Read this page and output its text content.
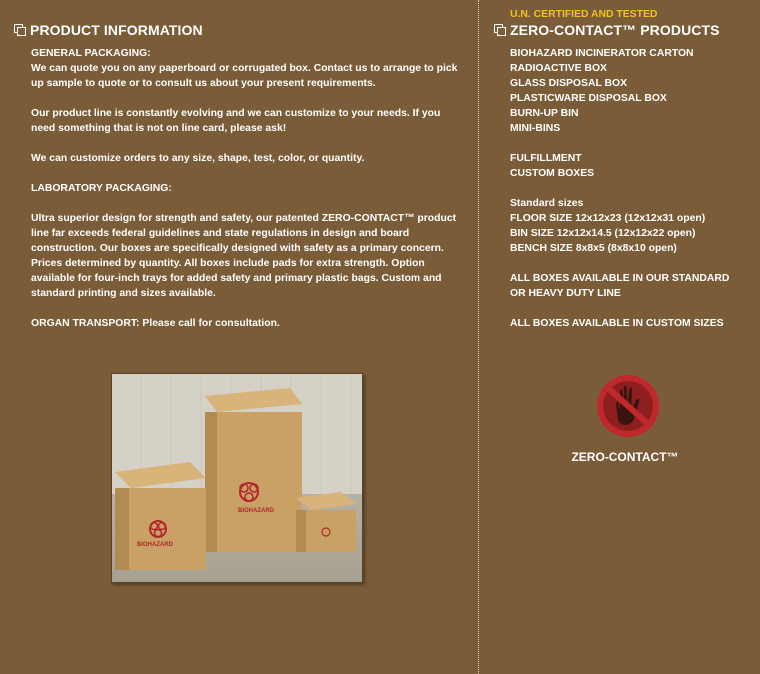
PRODUCT INFORMATION

GENERAL PACKAGING:

We can quote you on any paperboard or corrugated box. Contact us to arrange to pick up sample to quote or to consult us about your present requirements.

Our product line is constantly evolving and we can customize to your needs. If you need something that is not on line card, please ask!

We can customize orders to any size, shape, test, color, or quantity.

LABORATORY PACKAGING:

Ultra superior design for strength and safety, our patented ZERO-CONTACT™ product line far exceeds federal guidelines and state regulations in design and board construction. Our boxes are specifically designed with safety as a primary concern. Prices determined by quantity. All boxes include pads for extra strength. Option available for four-inch trays for added safety and primary plastic bags. Custom and standard printing and sizes available.

ORGAN TRANSPORT: Please call for consultation.

BIOHAZARD
BIOHAZARD
U.N. CERTIFIED AND TESTED
ZERO-CONTACT™ PRODUCTS
BIOHAZARD INCINERATOR CARTON
RADIOACTIVE BOX
GLASS DISPOSAL BOX
PLASTICWARE DISPOSAL BOX
BURN-UP BIN
MINI-BINS
FULFILLMENT
CUSTOM BOXES
Standard sizes
FLOOR SIZE 12x12x23 (12x12x31 open)
BIN SIZE 12x12x14.5 (12x12x22 open)
BENCH SIZE 8x8x5 (8x8x10 open)
ALL BOXES AVAILABLE IN OUR STANDARD
OR HEAVY DUTY LINE
ALL BOXES AVAILABLE IN CUSTOM SIZES
ZERO-CONTACT™
